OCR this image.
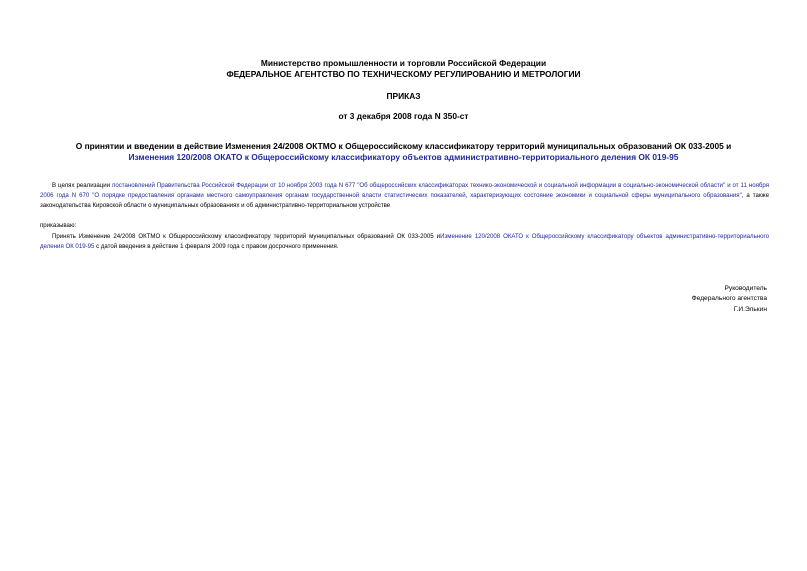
Министерство промышленности и торговли Российской Федерации
ФЕДЕРАЛЬНОЕ АГЕНТСТВО ПО ТЕХНИЧЕСКОМУ РЕГУЛИРОВАНИЮ И МЕТРОЛОГИИ
ПРИКАЗ
от 3 декабря 2008 года N 350-ст
О принятии и введении в действие Изменения 24/2008 ОКТМО к Общероссийскому классификатору территорий муниципальных образований ОК 033-2005 и
Изменения 120/2008 ОКАТО к Общероссийскому классификатору объектов административно-территориального деления ОК 019-95
В целях реализации постановлений Правительства Российской Федерации от 10 ноября 2003 года N 677 "Об общероссийских классификаторах технико-экономической и социальной информации в социально-экономической области" и от 11 ноября 2006 года N 670 "О порядке предоставления органами местного самоуправления органам государственной власти статистических показателей, характеризующих состояние экономики и социальной сферы муниципального образования", а также законодательства Кировской области о муниципальных образованиях и об административно-территориальном устройстве
приказываю:
Принять Изменение 24/2008 ОКТМО к Общероссийскому классификатору территорий муниципальных образований ОК 033-2005 иИзменение 120/2008 ОКАТО к Общероссийскому классификатору объектов административно-территориального деления ОК 019-95 с датой введения в действие 1 февраля 2009 года с правом досрочного применения.
Руководитель
Федерального агентства
Г.И.Элькин
